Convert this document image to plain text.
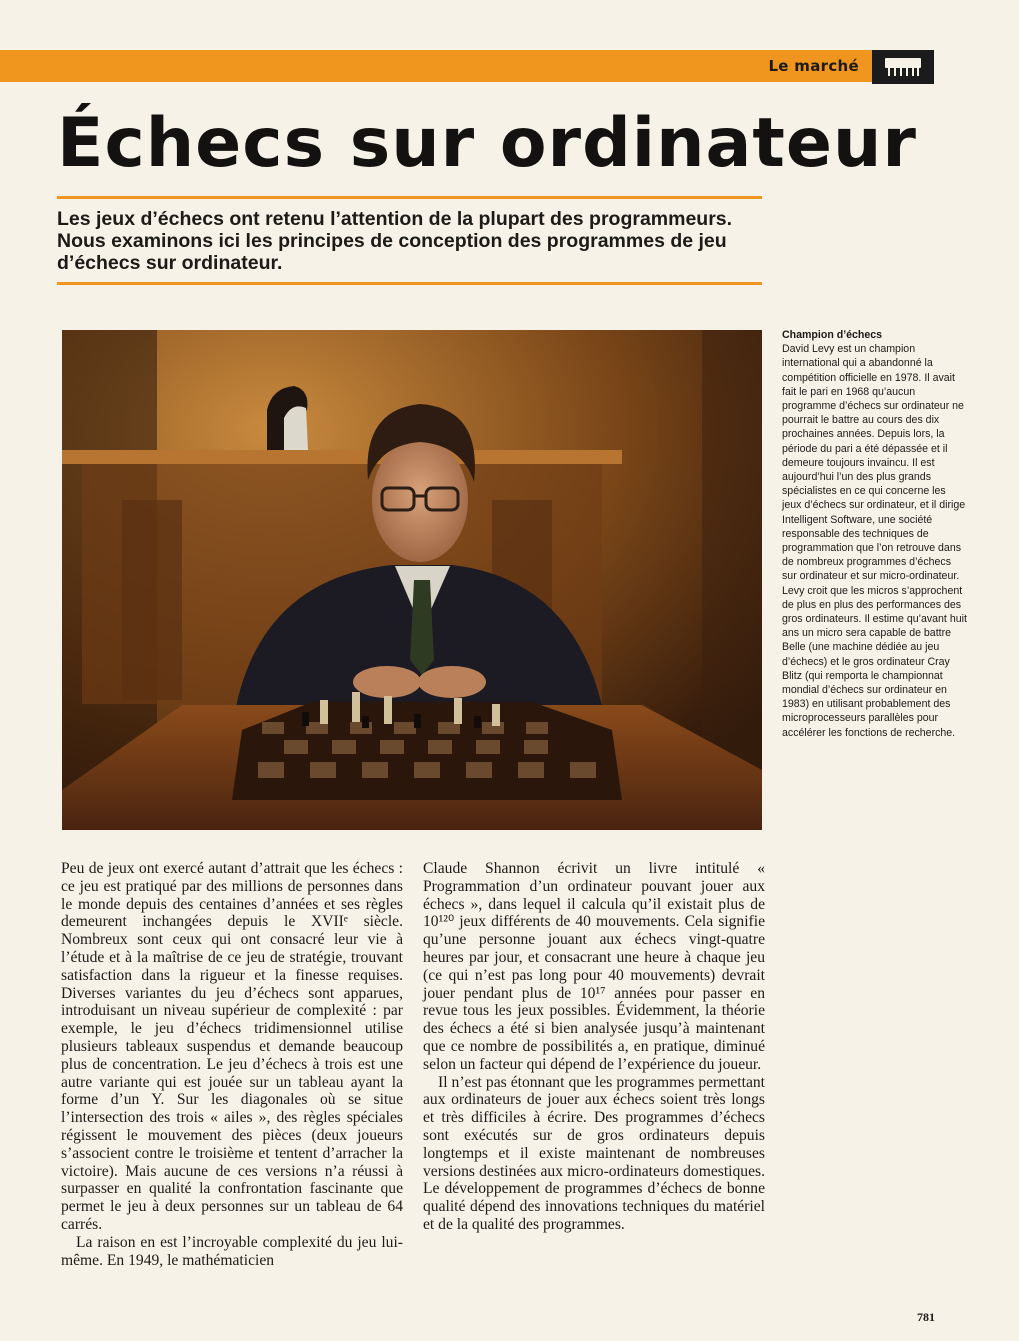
Le marché
Échecs sur ordinateur

Les jeux d’échecs ont retenu l’attention de la plupart des programmeurs. Nous examinons ici les principes de conception des programmes de jeu d’échecs sur ordinateur.

Champion d’échecs
David Levy est un champion international qui a abandonné la compétition officielle en 1978. Il avait fait le pari en 1968 qu’aucun programme d’échecs sur ordinateur ne pourrait le battre au cours des dix prochaines années. Depuis lors, la période du pari a été dépassée et il demeure toujours invaincu. Il est aujourd’hui l’un des plus grands spécialistes en ce qui concerne les jeux d’échecs sur ordinateur, et il dirige Intelligent Software, une société responsable des techniques de programmation que l’on retrouve dans de nombreux programmes d’échecs sur ordinateur et sur micro-ordinateur. Levy croit que les micros s’approchent de plus en plus des performances des gros ordinateurs. Il estime qu’avant huit ans un micro sera capable de battre Belle (une machine dédiée au jeu d’échecs) et le gros ordinateur Cray Blitz (qui remporta le championnat mondial d’échecs sur ordinateur en 1983) en utilisant probablement des microprocesseurs parallèles pour accélérer les fonctions de recherche.

Peu de jeux ont exercé autant d’attrait que les échecs : ce jeu est pratiqué par des millions de personnes dans le monde depuis des centaines d’années et ses règles demeurent inchangées depuis le XVIIᵉ siècle. Nombreux sont ceux qui ont consacré leur vie à l’étude et à la maîtrise de ce jeu de stratégie, trouvant satisfaction dans la rigueur et la finesse requises. Diverses variantes du jeu d’échecs sont apparues, introduisant un niveau supérieur de complexité : par exemple, le jeu d’échecs tridimensionnel utilise plusieurs tableaux suspendus et demande beaucoup plus de concentration. Le jeu d’échecs à trois est une autre variante qui est jouée sur un tableau ayant la forme d’un Y. Sur les diagonales où se situe l’intersection des trois « ailes », des règles spéciales régissent le mouvement des pièces (deux joueurs s’associent contre le troisième et tentent d’arracher la victoire). Mais aucune de ces versions n’a réussi à surpasser en qualité la confrontation fascinante que permet le jeu à deux personnes sur un tableau de 64 carrés.

La raison en est l’incroyable complexité du jeu lui-même. En 1949, le mathématicien

Claude Shannon écrivit un livre intitulé « Programmation d’un ordinateur pouvant jouer aux échecs », dans lequel il calcula qu’il existait plus de 10¹²⁰ jeux différents de 40 mouvements. Cela signifie qu’une personne jouant aux échecs vingt-quatre heures par jour, et consacrant une heure à chaque jeu (ce qui n’est pas long pour 40 mouvements) devrait jouer pendant plus de 10¹⁷ années pour passer en revue tous les jeux possibles. Évidemment, la théorie des échecs a été si bien analysée jusqu’à maintenant que ce nombre de possibilités a, en pratique, diminué selon un facteur qui dépend de l’expérience du joueur.

Il n’est pas étonnant que les programmes permettant aux ordinateurs de jouer aux échecs soient très longs et très difficiles à écrire. Des programmes d’échecs sont exécutés sur de gros ordinateurs depuis longtemps et il existe maintenant de nombreuses versions destinées aux micro-ordinateurs domestiques. Le développement de programmes d’échecs de bonne qualité dépend des innovations techniques du matériel et de la qualité des programmes.

781
